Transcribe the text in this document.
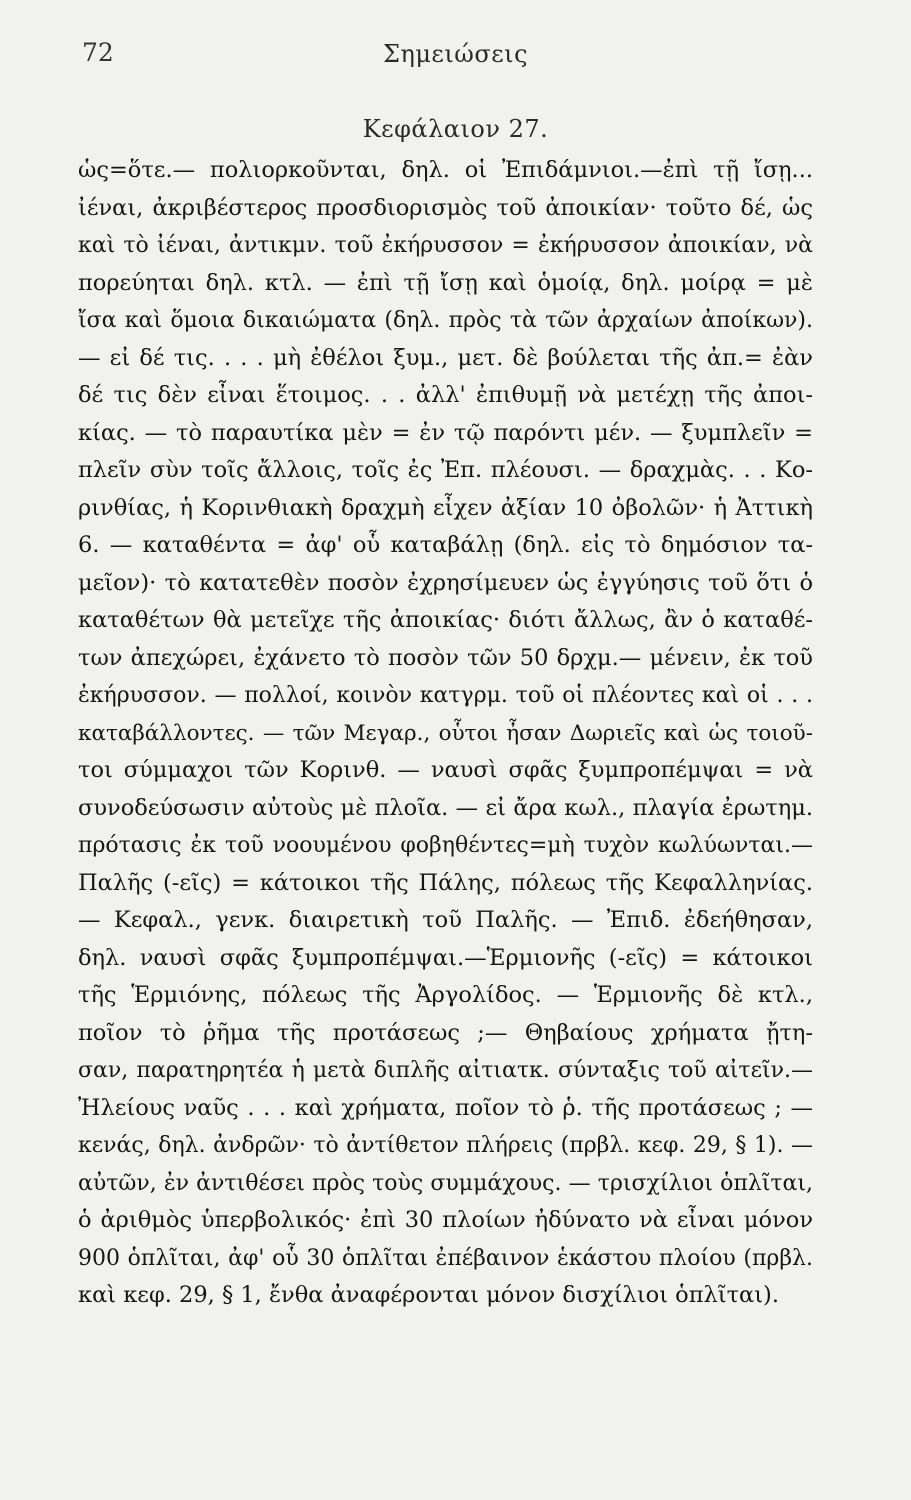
72	Σημειώσεις
Κεφάλαιον 27.
ὡς=ὅτε.— πολιορκοῦνται, δηλ. οἱ Ἐπιδάμνιοι.—ἐπὶ τῇ ἴσῃ...
ἰέναι, ἀκριβέστερος προσδιορισμὸς τοῦ ἀποικίαν· τοῦτο δέ, ὡς
καὶ τὸ ἰέναι, ἀντικμν. τοῦ ἐκήρυσσον = ἐκήρυσσον ἀποικίαν, νὰ
πορεύηται δηλ. κτλ. — ἐπὶ τῇ ἴσῃ καὶ ὁμοίᾳ, δηλ. μοίρᾳ = μὲ
ἴσα καὶ ὅμοια δικαιώματα (δηλ. πρὸς τὰ τῶν ἀρχαίων ἀποίκων).
— εἰ δέ τις. . . . μὴ ἐθέλοι ξυμ., μετ. δὲ βούλεται τῆς ἀπ.= ἐὰν
δέ τις δὲν εἶναι ἕτοιμος. . . ἀλλ' ἐπιθυμῇ νὰ μετέχῃ τῆς ἀποι-
κίας. — τὸ παραυτίκα μὲν = ἐν τῷ παρόντι μέν. — ξυμπλεῖν =
πλεῖν σὺν τοῖς ἄλλοις, τοῖς ἐς Ἐπ. πλέουσι. — δραχμὰς. . . Κο-
ρινθίας, ἡ Κορινθιακὴ δραχμὴ εἶχεν ἀξίαν 10 ὀβολῶν· ἡ Ἀττικὴ
6. — καταθέντα = ἀφ' οὗ καταβάλῃ (δηλ. εἰς τὸ δημόσιον τα-
μεῖον)· τὸ κατατεθὲν ποσὸν ἐχρησίμευεν ὡς ἐγγύησις τοῦ ὅτι ὁ
καταθέτων θὰ μετεῖχε τῆς ἀποικίας· διότι ἄλλως, ἂν ὁ καταθέ-
των ἀπεχώρει, ἐχάνετο τὸ ποσὸν τῶν 50 δρχμ.— μένειν, ἐκ τοῦ
ἐκήρυσσον. — πολλοί, κοινὸν κατγρμ. τοῦ οἱ πλέοντες καὶ οἱ . . .
καταβάλλοντες. — τῶν Μεγαρ., οὗτοι ἦσαν Δωριεῖς καὶ ὡς τοιοῦ-
τοι σύμμαχοι τῶν Κορινθ. — ναυσὶ σφᾶς ξυμπροπέμψαι = νὰ
συνοδεύσωσιν αὐτοὺς μὲ πλοῖα. — εἰ ἄρα κωλ., πλαγία ἐρωτημ.
πρότασις ἐκ τοῦ νοουμένου φοβηθέντες=μὴ τυχὸν κωλύωνται.—
Παλῆς (-εῖς) = κάτοικοι τῆς Πάλης, πόλεως τῆς Κεφαλληνίας.
— Κεφαλ., γενκ. διαιρετικὴ τοῦ Παλῆς. — Ἐπιδ. ἐδεήθησαν,
δηλ. ναυσὶ σφᾶς ξυμπροπέμψαι.—Ἑρμιονῆς (-εῖς) = κάτοικοι
τῆς Ἑρμιόνης, πόλεως τῆς Ἀργολίδος. — Ἑρμιονῆς δὲ κτλ.,
ποῖον τὸ ῥῆμα τῆς προτάσεως ;— Θηβαίους χρήματα ᾔτη-
σαν, παρατηρητέα ἡ μετὰ διπλῆς αἰτιατκ. σύνταξις τοῦ αἰτεῖν.—
Ἠλείους ναῦς . . . καὶ χρήματα, ποῖον τὸ ῥ. τῆς προτάσεως ; —
κενάς, δηλ. ἀνδρῶν· τὸ ἀντίθετον πλήρεις (πρβλ. κεφ. 29, § 1). —
αὐτῶν, ἐν ἀντιθέσει πρὸς τοὺς συμμάχους. — τρισχίλιοι ὁπλῖται,
ὁ ἀριθμὸς ὑπερβολικός· ἐπὶ 30 πλοίων ἠδύνατο νὰ εἶναι μόνον
900 ὁπλῖται, ἀφ' οὗ 30 ὁπλῖται ἐπέβαινον ἑκάστου πλοίου (πρβλ.
καὶ κεφ. 29, § 1, ἔνθα ἀναφέρονται μόνον δισχίλιοι ὁπλῖται).
